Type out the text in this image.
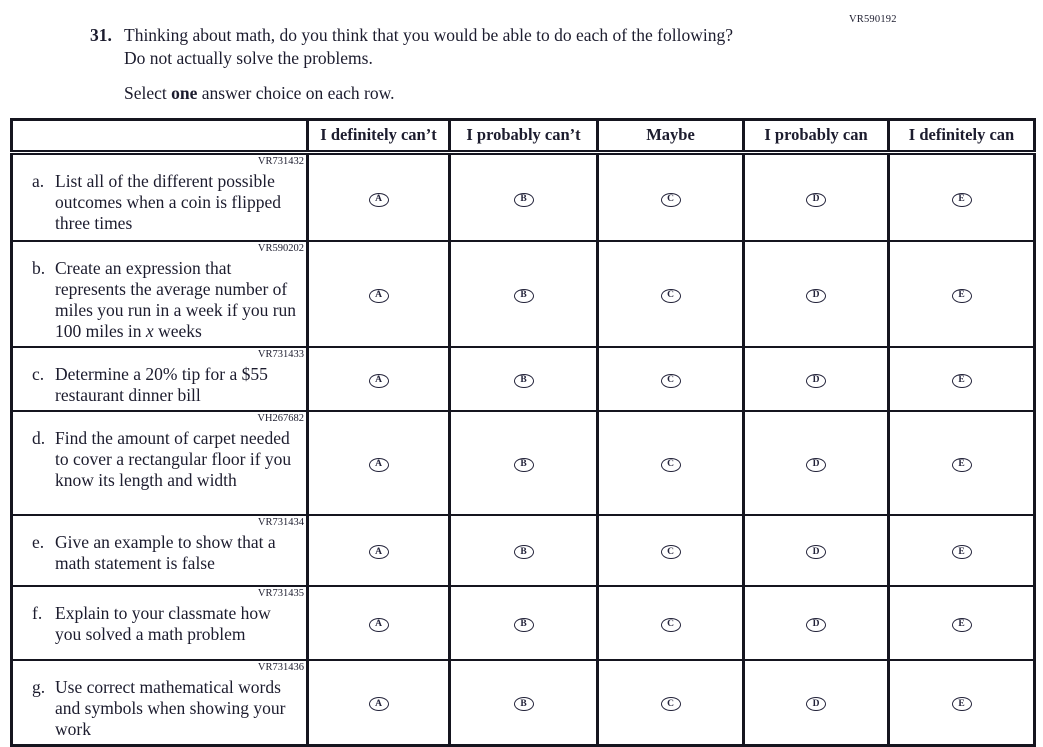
VR590192
31. Thinking about math, do you think that you would be able to do each of the following?
Do not actually solve the problems.
Select one answer choice on each row.
	I definitely can’t	I probably can’t	Maybe	I probably can	I definitely can

VR731432
a. List all of the different possible outcomes when a coin is flipped three times	A	B	C	D	E

VR590202
b. Create an expression that represents the average number of miles you run in a week if you run 100 miles in x weeks	A	B	C	D	E

VR731433
c. Determine a 20% tip for a $55 restaurant dinner bill	A	B	C	D	E

VH267682
d. Find the amount of carpet needed to cover a rectangular floor if you know its length and width	A	B	C	D	E

VR731434
e. Give an example to show that a math statement is false	A	B	C	D	E

VR731435
f. Explain to your classmate how you solved a math problem	A	B	C	D	E

VR731436
g. Use correct mathematical words and symbols when showing your work	A	B	C	D	E
